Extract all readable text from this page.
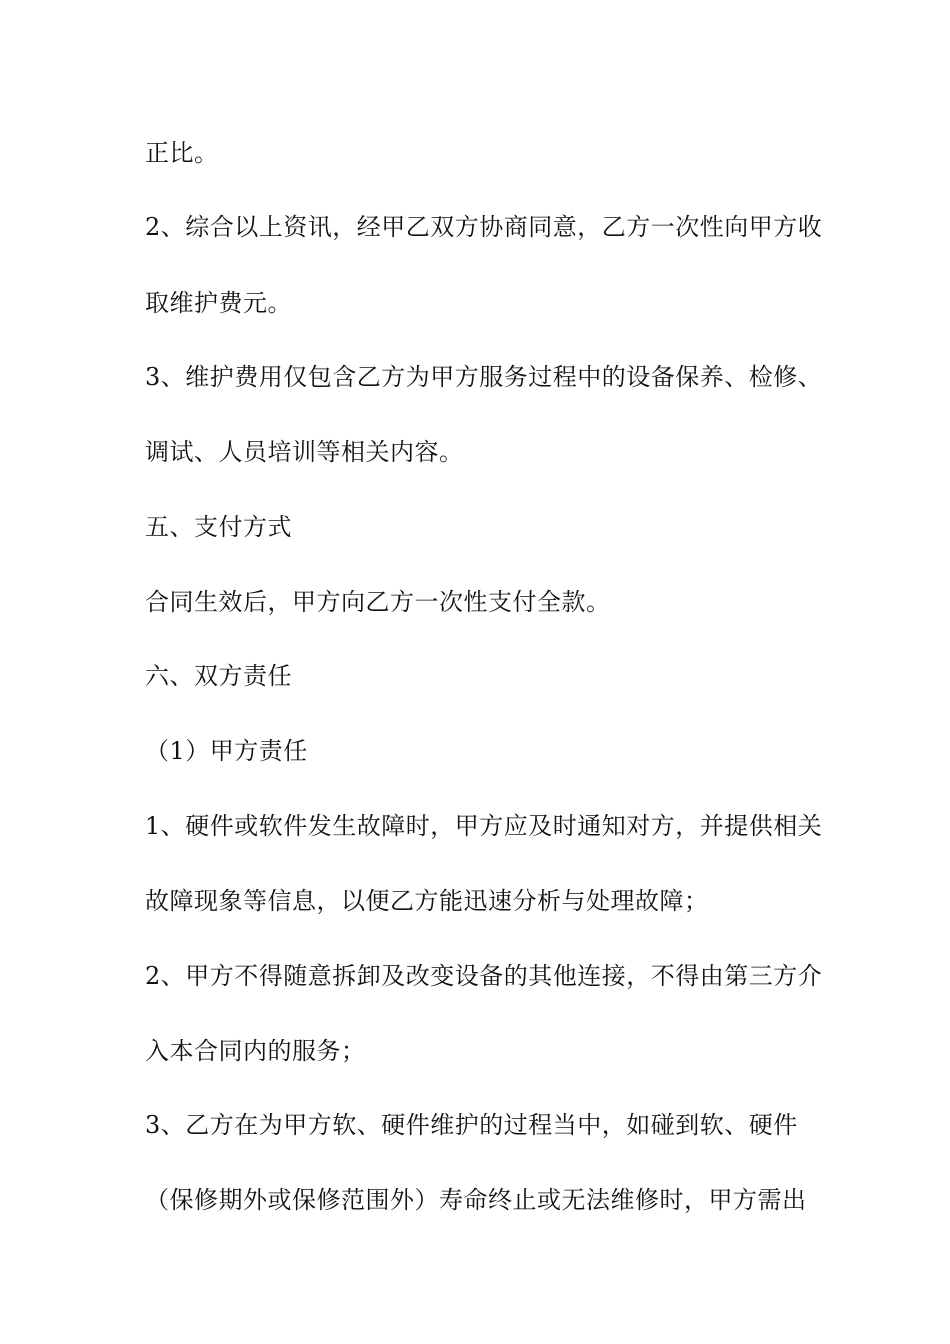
正比。
2、综合以上资讯，经甲乙双方协商同意，乙方一次性向甲方收
取维护费元。
3、维护费用仅包含乙方为甲方服务过程中的设备保养、检修、
调试、人员培训等相关内容。
五、支付方式
合同生效后，甲方向乙方一次性支付全款。
六、双方责任
（1）甲方责任
1、硬件或软件发生故障时，甲方应及时通知对方，并提供相关
故障现象等信息，以便乙方能迅速分析与处理故障；
2、甲方不得随意拆卸及改变设备的其他连接，不得由第三方介
入本合同内的服务；
3、乙方在为甲方软、硬件维护的过程当中，如碰到软、硬件
（保修期外或保修范围外）寿命终止或无法维修时，甲方需出
